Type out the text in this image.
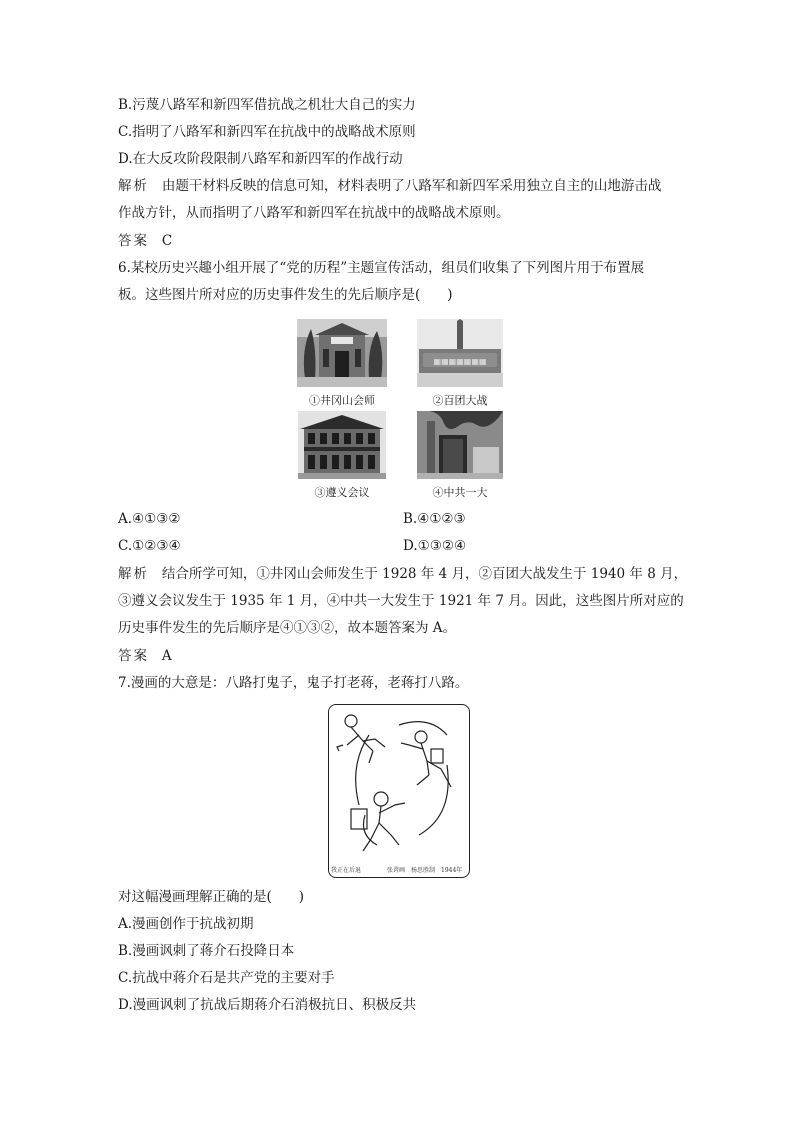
B.污蔑八路军和新四军借抗战之机壮大自己的实力
C.指明了八路军和新四军在抗战中的战略战术原则
D.在大反攻阶段限制八路军和新四军的作战行动
解析 由题干材料反映的信息可知，材料表明了八路军和新四军采用独立自主的山地游击战
作战方针，从而指明了八路军和新四军在抗战中的战略战术原则。
答案 C
6.某校历史兴趣小组开展了“党的历程”主题宣传活动，组员们收集了下列图片用于布置展
板。这些图片所对应的历史事件发生的先后顺序是(　　)
①井冈山会师
▦▦▦▦▦▦▦
②百团大战
③遵义会议	④中共一大
A.④①③②	B.④①②③
C.①②③④	D.①③②④
解析 结合所学可知，①井冈山会师发生于 1928 年 4 月，②百团大战发生于 1940 年 8 月，
③遵义会议发生于 1935 年 1 月，④中共一大发生于 1921 年 7 月。因此，这些图片所对应的
历史事件发生的先后顺序是④①③②，故本题答案为 A。
答案 A
7.漫画的大意是：八路打鬼子，鬼子打老蒋，老蒋打八路。
我正在后退	张谔画　杨思胜制　1944年
对这幅漫画理解正确的是(　　)
A.漫画创作于抗战初期
B.漫画讽刺了蒋介石投降日本
C.抗战中蒋介石是共产党的主要对手
D.漫画讽刺了抗战后期蒋介石消极抗日、积极反共
